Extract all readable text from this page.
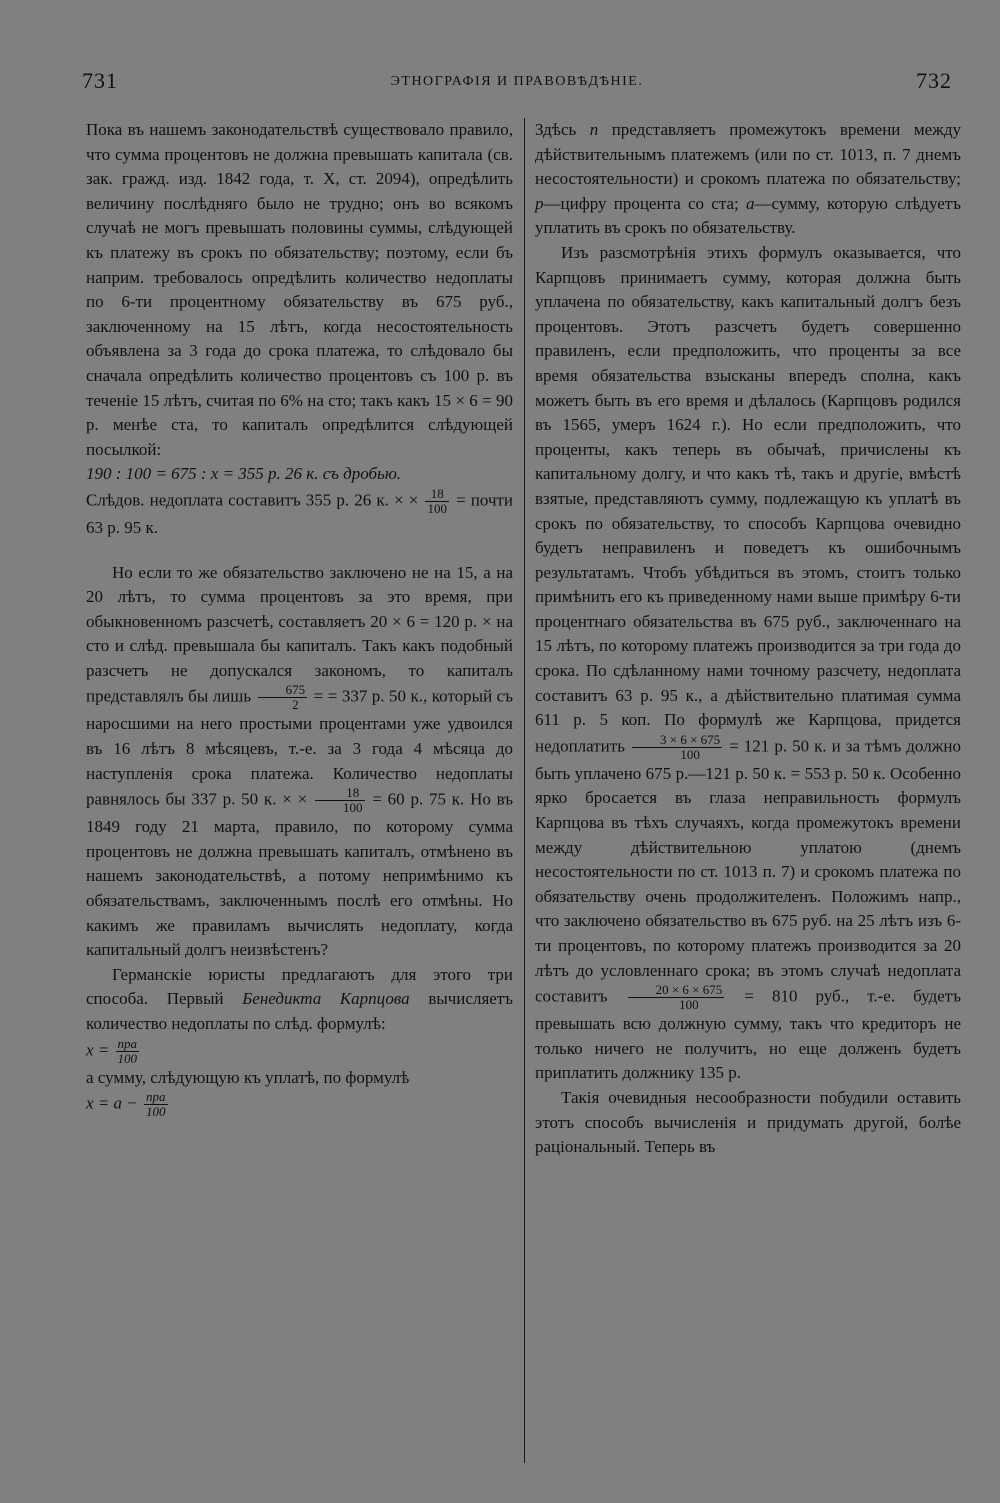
731	ЭТНОГРАФІЯ И ПРАВОВѢДѢНІЕ.	732

Пока въ нашемъ законодательствѣ существовало правило, что сумма процентовъ не должна превышать капитала (св. зак. гражд. изд. 1842 года, т. X, ст. 2094), опредѣлить величину послѣдняго было не трудно; онъ во всякомъ случаѣ не могъ превышать половины суммы, слѣдующей къ платежу въ срокъ по обязательству; поэтому, если бъ наприм. требовалось опредѣлить количество недоплаты по 6-ти процентному обязательству въ 675 руб., заключенному на 15 лѣтъ, когда несостоятельность объявлена за 3 года до срока платежа, то слѣдовало бы сначала опредѣлить количество процентовъ съ 100 р. въ теченіе 15 лѣтъ, считая по 6% на сто; такъ какъ 15 × 6 = 90 р. менѣе ста, то капиталъ опредѣлится слѣдующей посылкой:

190 : 100 = 675 : x = 355 р. 26 к. съ дробью.

Слѣдов. недоплата составитъ 355 р. 26 к. × × $\frac{18}{100}$ = почти 63 р. 95 к.

Но если то же обязательство заключено не на 15, а на 20 лѣтъ, то сумма процентовъ за это время, при обыкновенномъ разсчетѣ, составляетъ 20 × 6 = 120 р. × на сто и слѣд. превышала бы капиталъ. Такъ какъ подобный разсчетъ не допускался закономъ, то капиталъ представлялъ бы лишь $\frac{675}{2}$ = = 337 р. 50 к., который съ наросшими на него простыми процентами уже удвоился въ 16 лѣтъ 8 мѣсяцевъ, т.-е. за 3 года 4 мѣсяца до наступленія срока платежа. Количество недоплаты равнялось бы 337 р. 50 к. × × $\frac{18}{100} = 60$ р. 75 к. Но въ 1849 году 21 марта, правило, по которому сумма процентовъ не должна превышать капиталъ, отмѣнено въ нашемъ законодательствѣ, а потому непримѣнимо къ обязательствамъ, заключеннымъ послѣ его отмѣны. Но какимъ же правиламъ вычислять недоплату, когда капитальный долгъ неизвѣстенъ?

Германскіе юристы предлагаютъ для этого три способа. Первый Бенедикта Карпцова вычисляетъ количество недоплаты по слѣд. формулѣ:

x = npa
100

а сумму, слѣдующую къ уплатѣ, по формулѣ

x = a − npa
100

Здѣсь n представляетъ промежутокъ времени между дѣйствительнымъ платежемъ (или по ст. 1013, п. 7 днемъ несостоятельности) и срокомъ платежа по обязательству; p—цифру процента со ста; a—сумму, которую слѣдуетъ уплатить въ срокъ по обязательству.

Изъ разсмотрѣнія этихъ формулъ оказывается, что Карпцовъ принимаетъ сумму, которая должна быть уплачена по обязательству, какъ капитальный долгъ безъ процентовъ. Этотъ разсчетъ будетъ совершенно правиленъ, если предположить, что проценты за все время обязательства взысканы впередъ сполна, какъ можетъ быть въ его время и дѣлалось (Карпцовъ родился въ 1565, умеръ 1624 г.). Но если предположить, что проценты, какъ теперь въ обычаѣ, причислены къ капитальному долгу, и что какъ тѣ, такъ и другіе, вмѣстѣ взятые, представляютъ сумму, подлежащую къ уплатѣ въ срокъ по обязательству, то способъ Карпцова очевидно будетъ неправиленъ и поведетъ къ ошибочнымъ результатамъ. Чтобъ убѣдиться въ этомъ, стоитъ только примѣнить его къ приведенному нами выше примѣру 6-ти процентнаго обязательства въ 675 руб., заключеннаго на 15 лѣтъ, по которому платежъ производится за три года до срока. По сдѣланному нами точному разсчету, недоплата составитъ 63 р. 95 к., а дѣйствительно платимая сумма 611 р. 5 коп. По формулѣ же Карпцова, придется недоплатить $\frac{3 \times 6 \times 675}{100} = 121$ р. 50 к. и за тѣмъ должно быть уплачено 675 р.—121 р. 50 к. = 553 р. 50 к. Особенно ярко бросается въ глаза неправильность формулъ Карпцова въ тѣхъ случаяхъ, когда промежутокъ времени между дѣйствительною уплатою (днемъ несостоятельности по ст. 1013 п. 7) и срокомъ платежа по обязательству очень продолжителенъ. Положимъ напр., что заключено обязательство въ 675 руб. на 25 лѣтъ изъ 6-ти процентовъ, по которому платежъ производится за 20 лѣтъ до условленнаго срока; въ этомъ случаѣ недоплата составитъ $\frac{20 \times 6 \times 675}{100} = 810$ руб., т.-е. будетъ превышать всю должную сумму, такъ что кредиторъ не только ничего не получитъ, но еще долженъ будетъ приплатить должнику 135 р.

Такія очевидныя несообразности побудили оставить этотъ способъ вычисленія и придумать другой, болѣе раціональный. Теперь въ
